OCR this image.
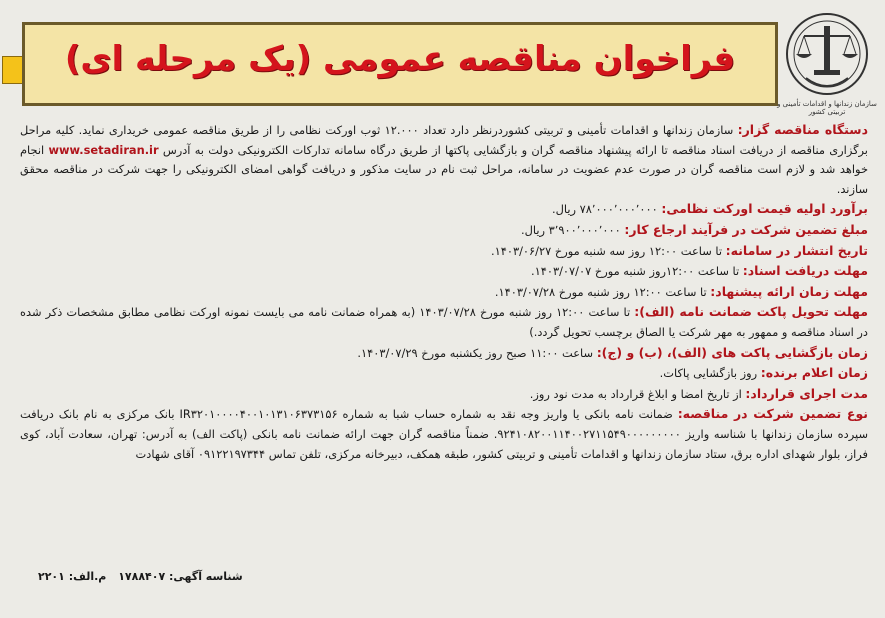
فراخوان مناقصه عمومی (یک مرحله ای)
سازمان زندانها و اقدامات تأمینی و تربیتی کشور

دستگاه مناقصه گزار: سازمان زندانها و اقدامات تأمینی و تربیتی کشوردرنظر دارد تعداد ۱۲.۰۰۰ ثوب اورکت نظامی را از طریق مناقصه عمومی خریداری نماید. کلیه مراحل برگزاری مناقصه از دریافت اسناد مناقصه تا ارائه پیشنهاد مناقصه گران و بازگشایی پاکتها از طریق درگاه سامانه تدارکات الکترونیکی دولت به آدرس www.setadiran.ir انجام خواهد شد و لازم است مناقصه گران در صورت عدم عضویت در سامانه، مراحل ثبت نام در سایت مذکور و دریافت گواهی امضای الکترونیکی را جهت شرکت در مناقصه محقق سازند.

برآورد اولیه قیمت اورکت نظامی: ۷۸٬۰۰۰٬۰۰۰٬۰۰۰ ریال.

مبلغ تضمین شرکت در فرآیند ارجاع کار: ۳٬۹۰۰٬۰۰۰٬۰۰۰ ریال.

تاریخ انتشار در سامانه: تا ساعت ۱۲:۰۰ روز سه شنبه مورخ ۱۴۰۳/۰۶/۲۷.

مهلت دریافت اسناد: تا ساعت ۱۲:۰۰روز شنبه مورخ ۱۴۰۳/۰۷/۰۷.

مهلت زمان ارائه پیشنهاد: تا ساعت ۱۲:۰۰ روز شنبه مورخ ۱۴۰۳/۰۷/۲۸.

مهلت تحویل پاکت ضمانت نامه (الف): تا ساعت ۱۲:۰۰ روز شنبه مورخ ۱۴۰۳/۰۷/۲۸ (به همراه ضمانت نامه می بایست نمونه اورکت نظامی مطابق مشخصات ذکر شده در اسناد مناقصه و ممهور به مهر شرکت یا الصاق برچسب تحویل گردد.)

زمان بازگشایی پاکت های (الف)، (ب) و (ج): ساعت ۱۱:۰۰ صبح روز یکشنبه مورخ ۱۴۰۳/۰۷/۲۹.

زمان اعلام برنده: روز بازگشایی پاکات.

مدت اجرای قرارداد: از تاریخ امضا و ابلاغ قرارداد به مدت نود روز.

نوع تضمین شرکت در مناقصه: ضمانت نامه بانکی یا واریز وجه نقد به شماره حساب شبا به شماره IR۳۲۰۱۰۰۰۰۴۰۰۱۰۱۳۱۰۶۳۷۳۱۵۶ بانک مرکزی به نام بانک دریافت سپرده سازمان زندانها با شناسه واریز ۹۲۴۱۰۸۲۰۰۱۱۴۰۰۲۷۱۱۵۴۹۰۰۰۰۰۰۰۰۰. ضمناً مناقصه گران جهت ارائه ضمانت نامه بانکی (پاکت الف) به آدرس: تهران، سعادت آباد، کوی فراز، بلوار شهدای اداره برق، ستاد سازمان زندانها و اقدامات تأمینی و تربیتی کشور، طبقه همکف، دبیرخانه مرکزی، تلفن تماس ۰۹۱۲۲۱۹۷۳۴۴ آقای شهادت

شناسه آگهی: ۱۷۸۸۴۰۷ م.الف: ۲۲۰۱
